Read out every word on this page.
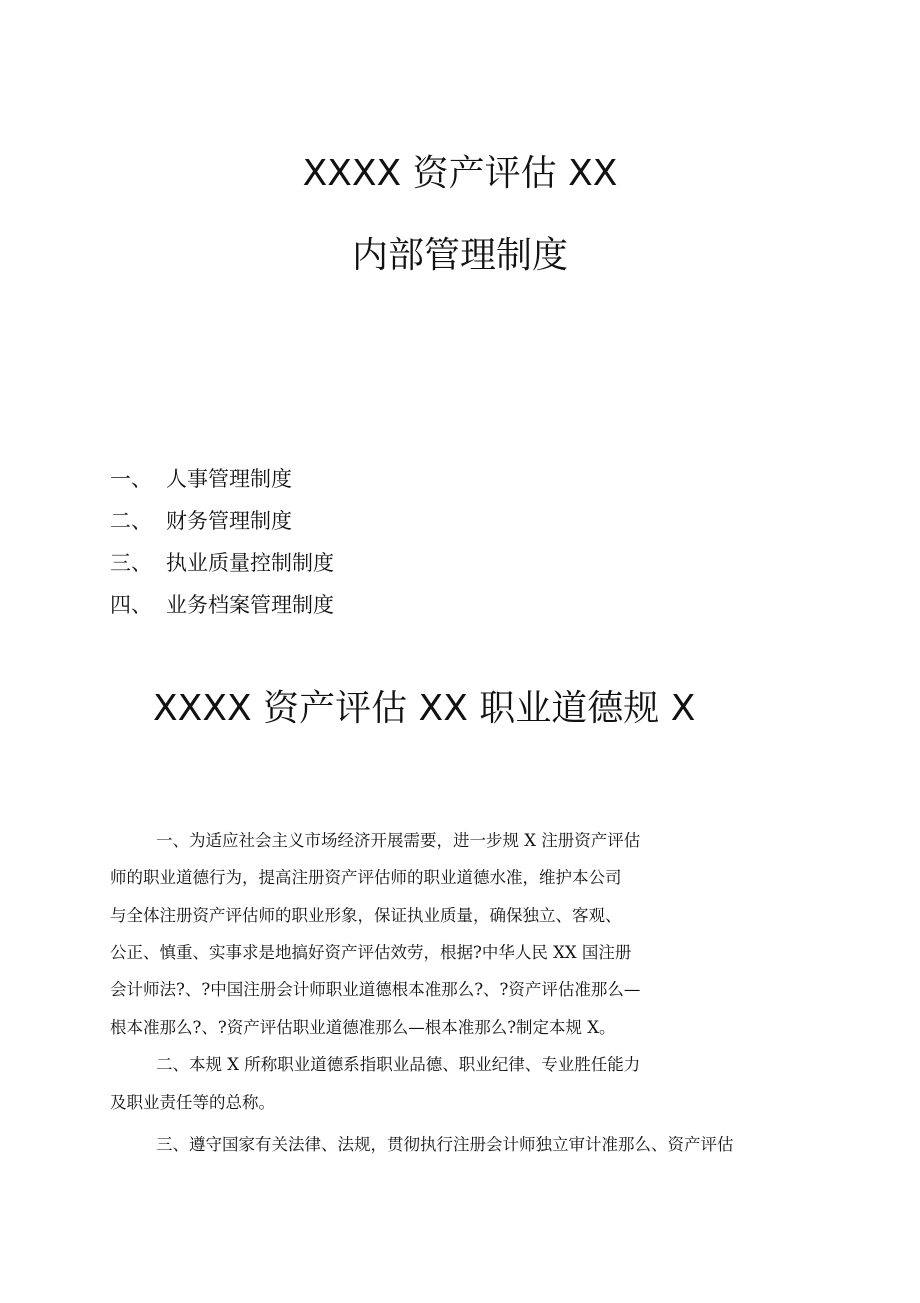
XXXX 资产评估 XX
内部管理制度
一、 人事管理制度
二、 财务管理制度
三、 执业质量控制制度
四、 业务档案管理制度
XXXX 资产评估 XX 职业道德规 X
一、为适应社会主义市场经济开展需要，进一步规 X 注册资产评估
师的职业道德行为，提高注册资产评估师的职业道德水准，维护本公司
与全体注册资产评估师的职业形象，保证执业质量，确保独立、客观、
公正、慎重、实事求是地搞好资产评估效劳，根据?中华人民 XX 国注册
会计师法?、?中国注册会计师职业道德根本准那么?、?资产评估准那么—
根本准那么?、?资产评估职业道德准那么—根本准那么?制定本规 X。
二、本规 X 所称职业道德系指职业品德、职业纪律、专业胜任能力
及职业责任等的总称。
三、遵守国家有关法律、法规，贯彻执行注册会计师独立审计准那么、资产评估
